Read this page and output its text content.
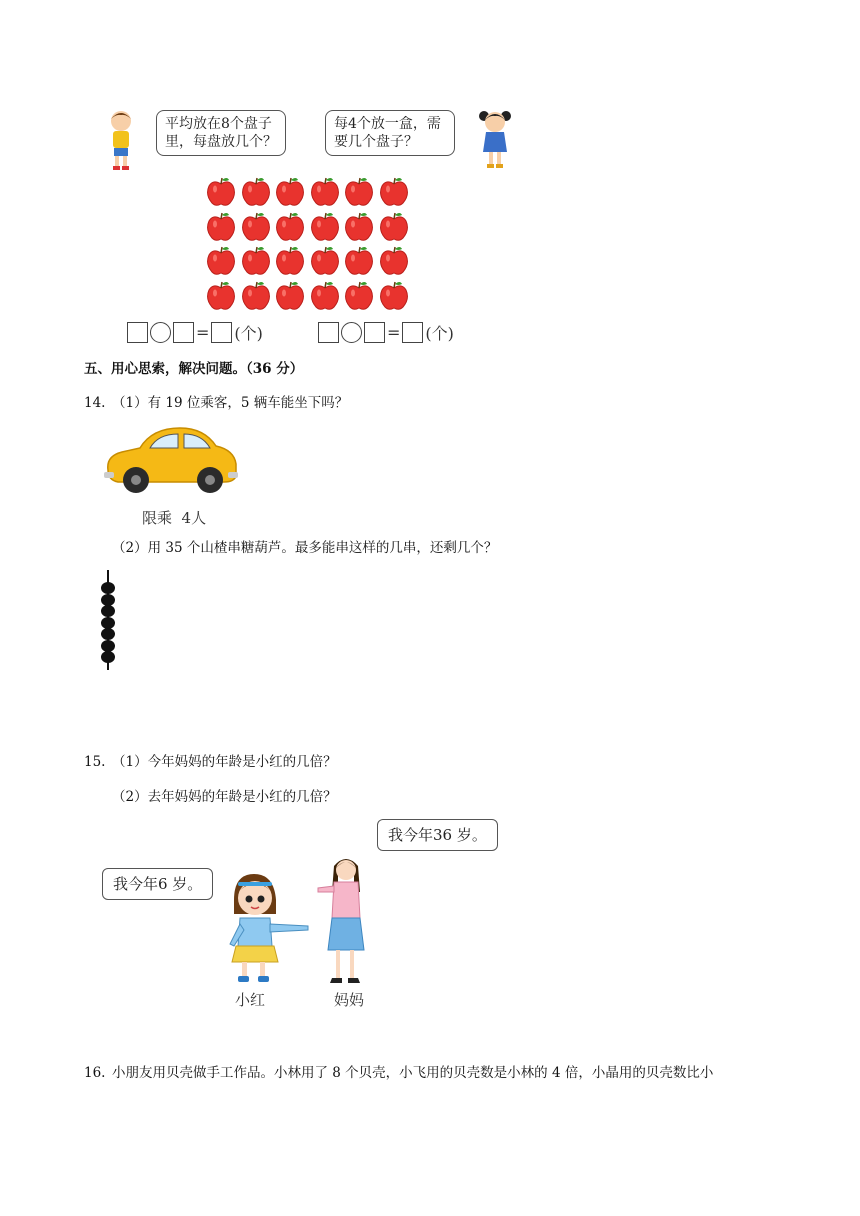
平均放在8个盘子
里，每盘放几个？
每4个放一盒，需
要几个盘子？
= (个)	= (个)
五、用心思索，解决问题。（36 分）
14. （1）有 19 位乘客，5 辆车能坐下吗？
限乘  4人
（2）用 35 个山楂串糖葫芦。最多能串这样的几串，还剩几个？
15. （1）今年妈妈的年龄是小红的几倍？
（2）去年妈妈的年龄是小红的几倍？
我今年36 岁。
我今年6 岁。
小红	妈妈
16. 小朋友用贝壳做手工作品。小林用了 8 个贝壳，小飞用的贝壳数是小林的 4 倍，小晶用的贝壳数比小
